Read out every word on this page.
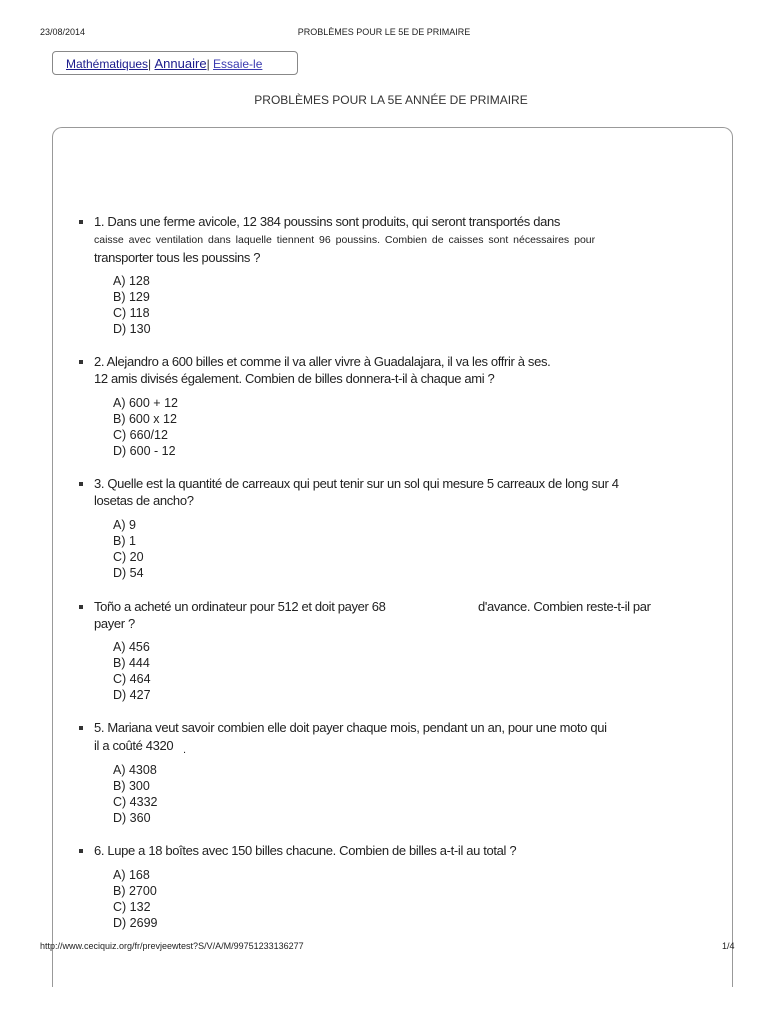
23/08/2014	PROBLÈMES POUR LE 5E DE PRIMAIRE
Mathématiques| Annuaire| Essaie-le
PROBLÈMES POUR LA 5E ANNÉE DE PRIMAIRE
1. Dans une ferme avicole, 12 384 poussins sont produits, qui seront transportés dans
caisse avec ventilation dans laquelle tiennent 96 poussins. Combien de caisses sont nécessaires pour
transporter tous les poussins ?
A) 128
B) 129
C) 118
D) 130
2. Alejandro a 600 billes et comme il va aller vivre à Guadalajara, il va les offrir à ses.
12 amis divisés également. Combien de billes donnera-t-il à chaque ami ?
A) 600 + 12
B) 600 x 12
C) 660/12
D) 600 - 12
3. Quelle est la quantité de carreaux qui peut tenir sur un sol qui mesure 5 carreaux de long sur 4
losetas de ancho?
A) 9
B) 1
C) 20
D) 54
Toño a acheté un ordinateur pour 512 et doit payer 68	d'avance. Combien reste-t-il par
payer ?
A) 456
B) 444
C) 464
D) 427
5. Mariana veut savoir combien elle doit payer chaque mois, pendant un an, pour une moto qui
il a coûté 4320 .
A) 4308
B) 300
C) 4332
D) 360
6. Lupe a 18 boîtes avec 150 billes chacune. Combien de billes a-t-il au total ?
A) 168
B) 2700
C) 132
D) 2699
http://www.ceciquiz.org/fr/prevjeewtest?S/V/A/M/99751233136277	1/4
